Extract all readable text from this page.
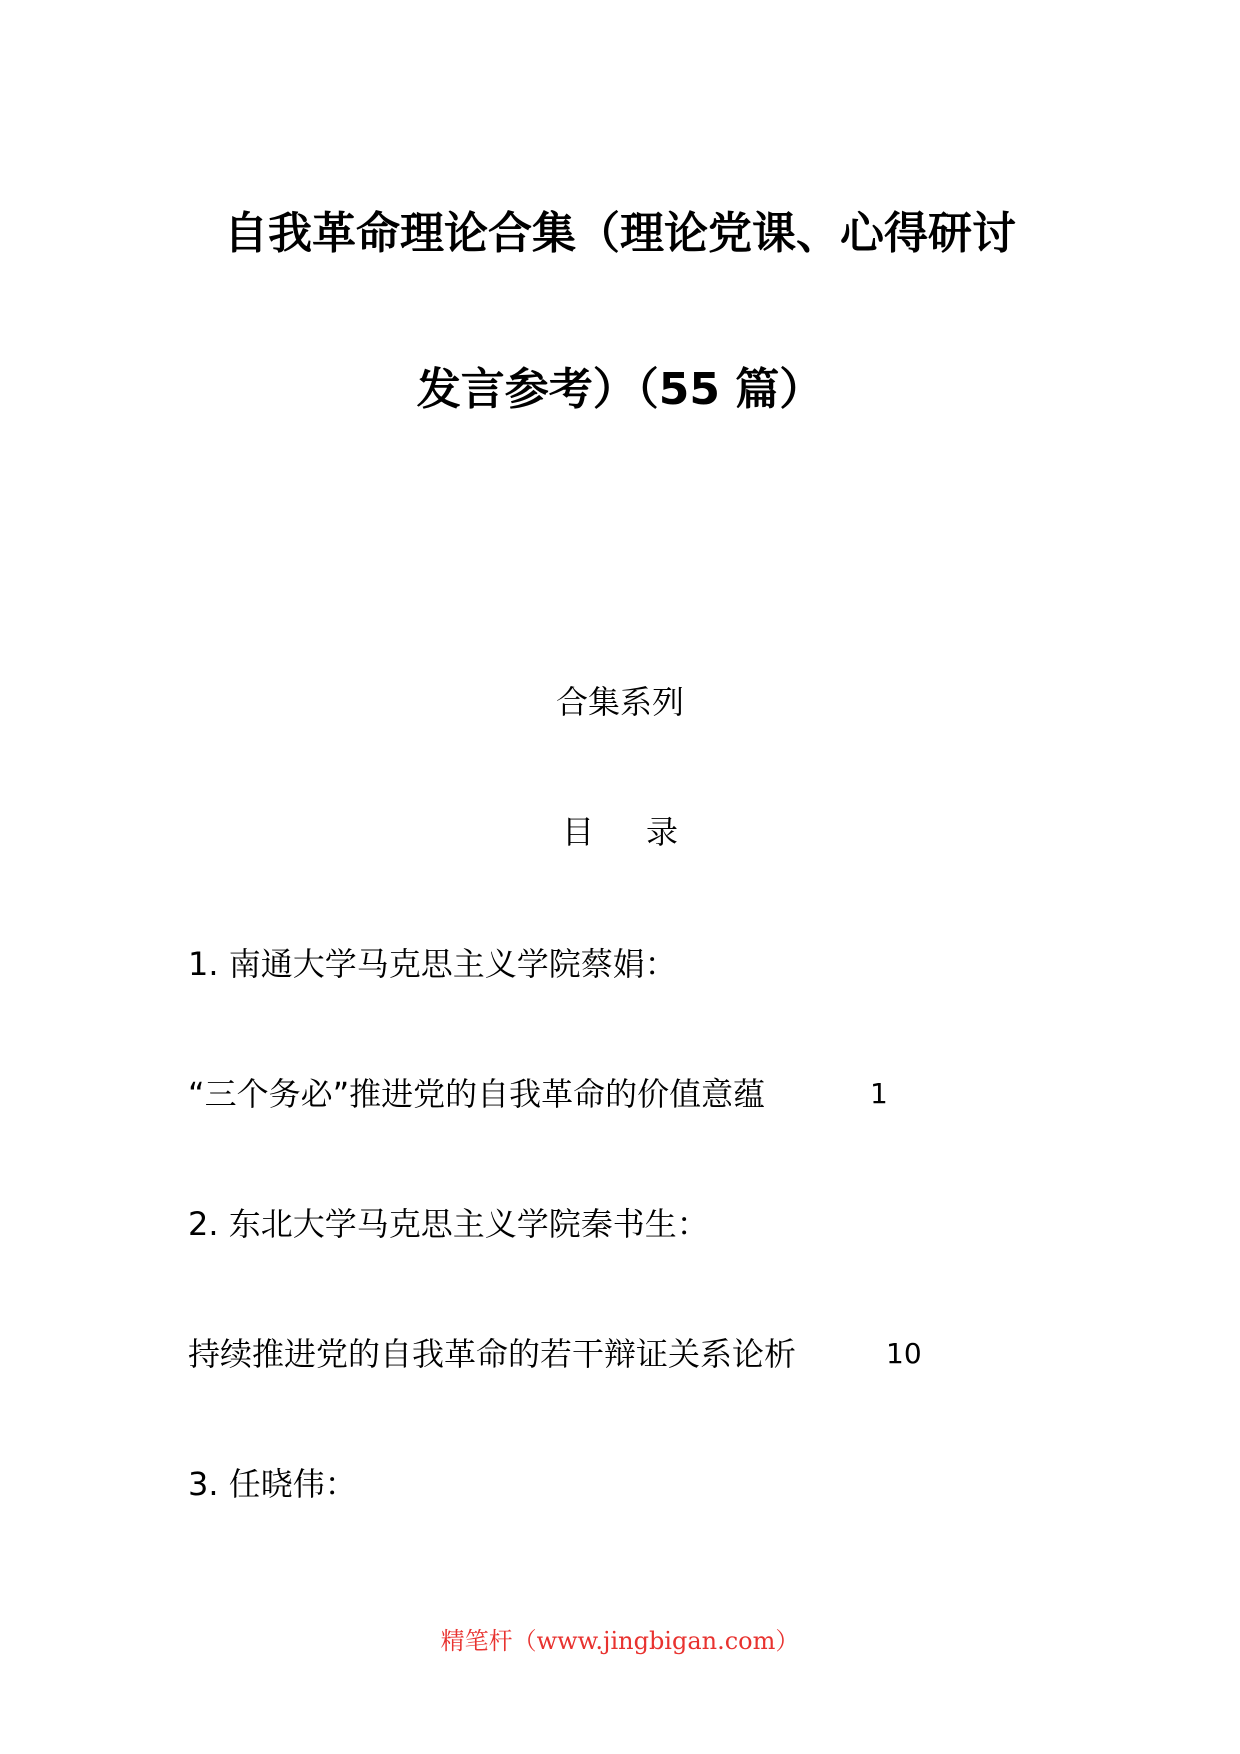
自我革命理论合集（理论党课、心得研讨
发言参考）（55 篇）
合集系列
目录
1. 南通大学马克思主义学院蔡娟：
“三个务必”推进党的自我革命的价值意蕴	1
2. 东北大学马克思主义学院秦书生：
持续推进党的自我革命的若干辩证关系论析	10
3. 任晓伟：
精笔杆（www.jingbigan.com）
